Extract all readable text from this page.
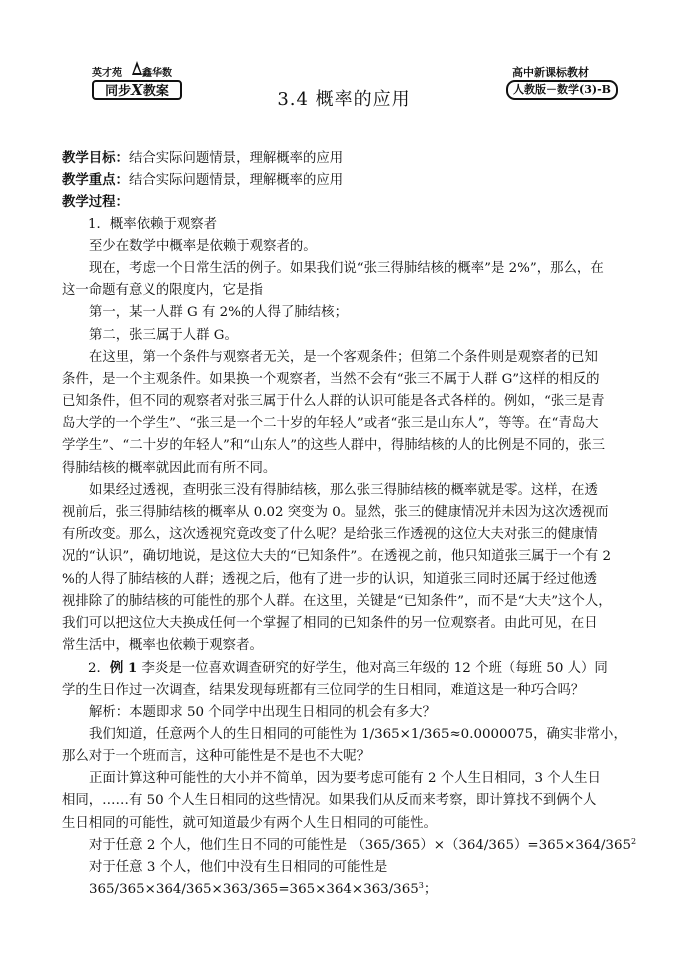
英才苑 鑫华数
同步X教案	3.4 概率的应用
高中新课标教材
人教版－数学(3)-B
教学目标：结合实际问题情景，理解概率的应用
教学重点：结合实际问题情景，理解概率的应用
教学过程：
1．概率依赖于观察者
至少在数学中概率是依赖于观察者的。
现在，考虑一个日常生活的例子。如果我们说“张三得肺结核的概率”是 2%”，那么，在
这一命题有意义的限度内，它是指
第一，某一人群 G 有 2%的人得了肺结核；
第二，张三属于人群 G。
在这里，第一个条件与观察者无关，是一个客观条件；但第二个条件则是观察者的已知
条件，是一个主观条件。如果换一个观察者，当然不会有“张三不属于人群 G”这样的相反的
已知条件，但不同的观察者对张三属于什么人群的认识可能是各式各样的。例如，“张三是青
岛大学的一个学生”、“张三是一个二十岁的年轻人”或者“张三是山东人”，等等。在“青岛大
学学生”、“二十岁的年轻人”和“山东人”的这些人群中，得肺结核的人的比例是不同的，张三
得肺结核的概率就因此而有所不同。
如果经过透视，查明张三没有得肺结核，那么张三得肺结核的概率就是零。这样，在透
视前后，张三得肺结核的概率从 0.02 突变为 0。显然，张三的健康情况并未因为这次透视而
有所改变。那么，这次透视究竟改变了什么呢？是给张三作透视的这位大夫对张三的健康情
况的“认识”，确切地说，是这位大夫的“已知条件”。在透视之前，他只知道张三属于一个有 2
%的人得了肺结核的人群；透视之后，他有了进一步的认识，知道张三同时还属于经过他透
视排除了的肺结核的可能性的那个人群。在这里，关键是“已知条件”，而不是“大夫”这个人，
我们可以把这位大夫换成任何一个掌握了相同的已知条件的另一位观察者。由此可见，在日
常生活中，概率也依赖于观察者。
2．例 1 李炎是一位喜欢调查研究的好学生，他对高三年级的 12 个班（每班 50 人）同
学的生日作过一次调查，结果发现每班都有三位同学的生日相同，难道这是一种巧合吗？
解析：本题即求 50 个同学中出现生日相同的机会有多大？
我们知道，任意两个人的生日相同的可能性为 1/365×1/365≈0.0000075，确实非常小，
那么对于一个班而言，这种可能性是不是也不大呢？
正面计算这种可能性的大小并不简单，因为要考虑可能有 2 个人生日相同，3 个人生日
相同，……有 50 个人生日相同的这些情况。如果我们从反而来考察，即计算找不到俩个人
生日相同的可能性，就可知道最少有两个人生日相同的可能性。
对于任意 2 个人，他们生日不同的可能性是 $(365/365)\times(364/365)=365\times 364/365^2$
对于任意 3 个人，他们中没有生日相同的可能性是
$365/365\times 364/365\times 363/365=365\times 364\times 363/365^3$；
